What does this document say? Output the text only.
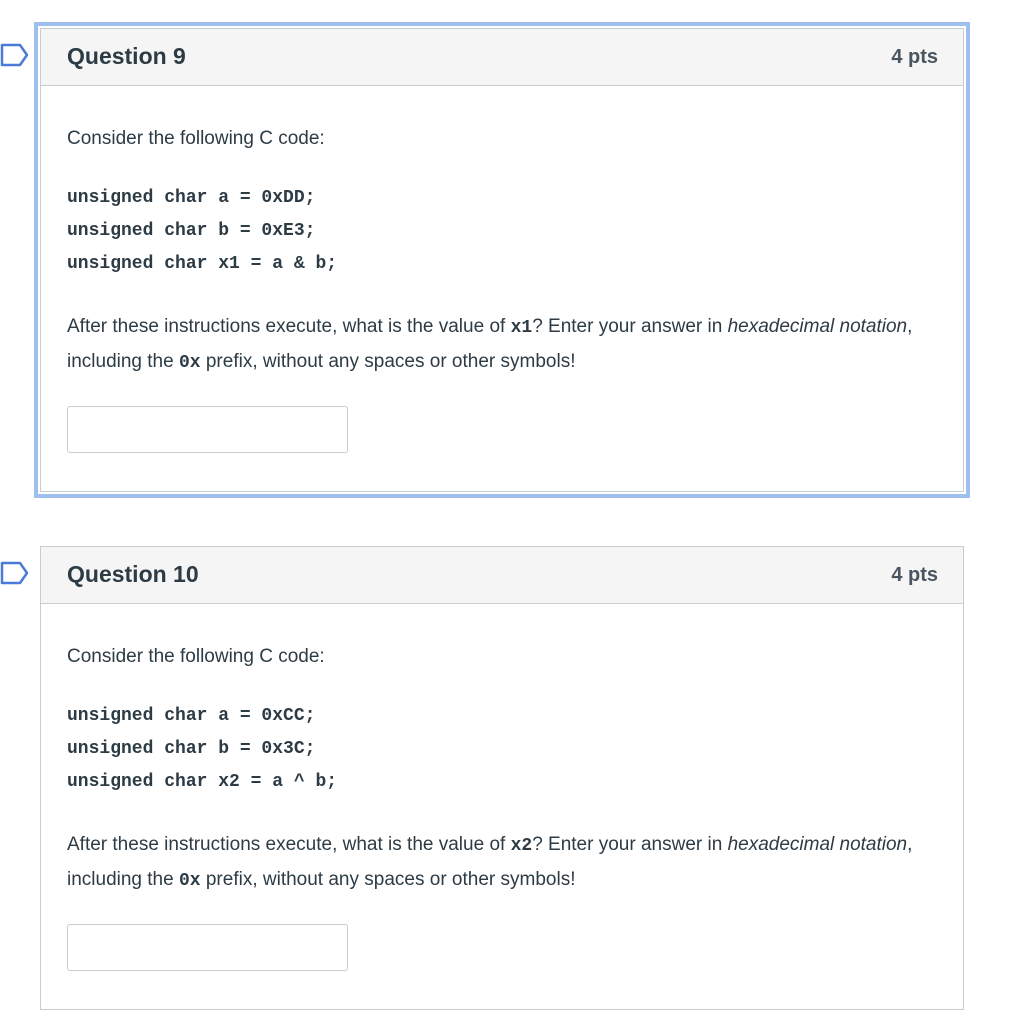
Question 9	4 pts
Consider the following C code:
unsigned char a = 0xDD;
unsigned char b = 0xE3;
unsigned char x1 = a & b;
After these instructions execute, what is the value of x1? Enter your answer in hexadecimal notation, including the 0x prefix, without any spaces or other symbols!
Question 10	4 pts
Consider the following C code:
unsigned char a = 0xCC;
unsigned char b = 0x3C;
unsigned char x2 = a ^ b;
After these instructions execute, what is the value of x2? Enter your answer in hexadecimal notation, including the 0x prefix, without any spaces or other symbols!
